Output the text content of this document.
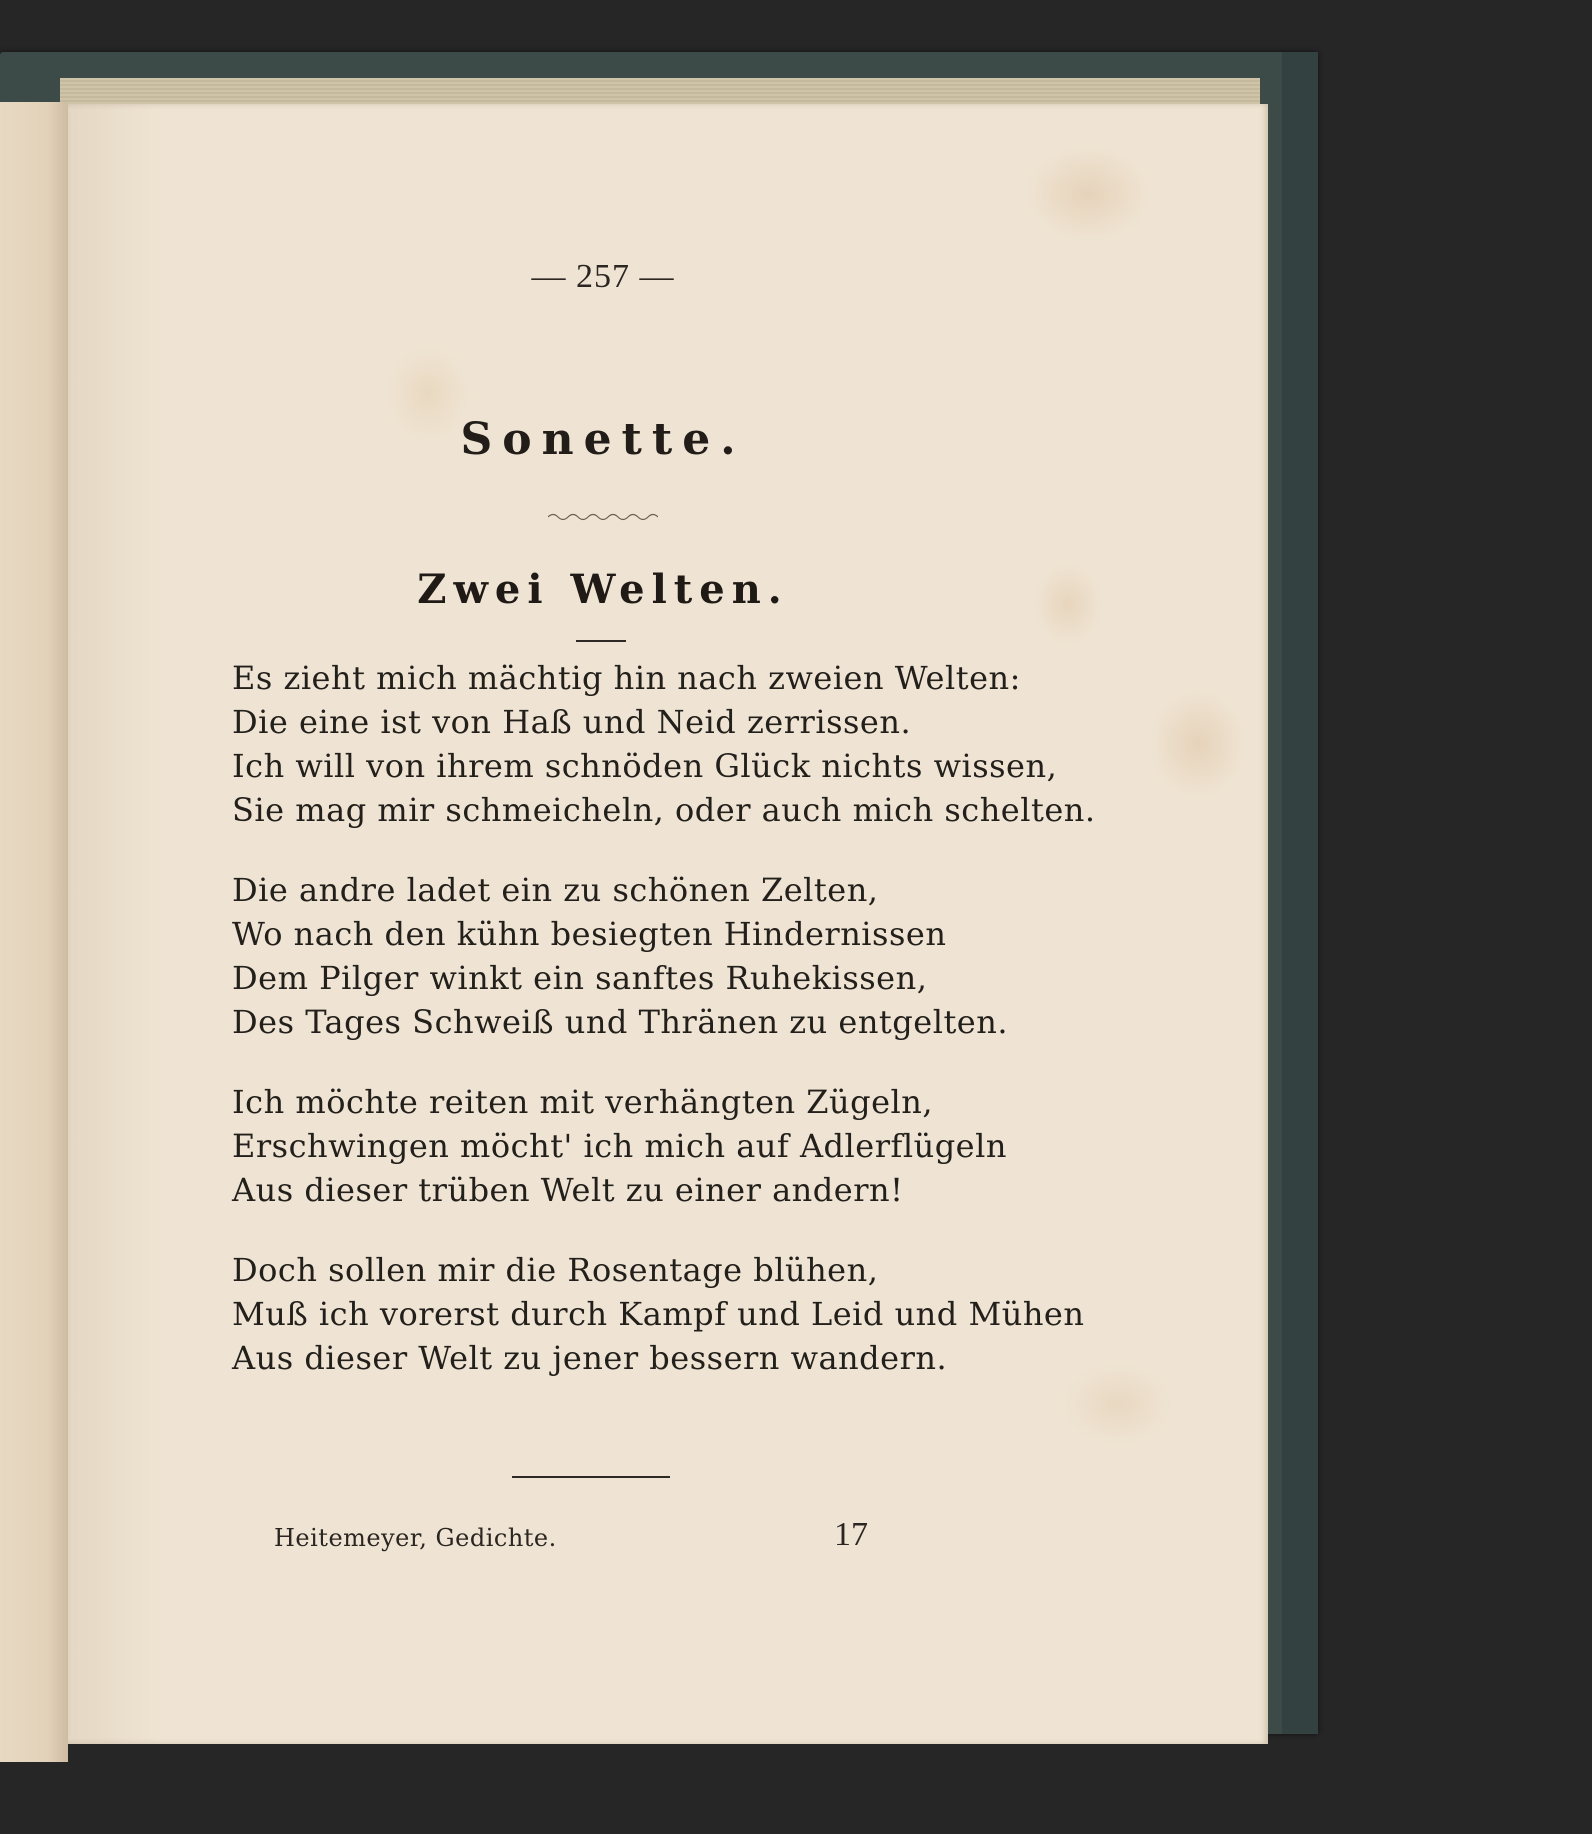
— 257 —
Sonette.
Zwei Welten.
Es zieht mich mächtig hin nach zweien Welten:
Die eine ist von Haß und Neid zerrissen.
Ich will von ihrem schnöden Glück nichts wissen,
Sie mag mir schmeicheln, oder auch mich schelten.
Die andre ladet ein zu schönen Zelten,
Wo nach den kühn besiegten Hindernissen
Dem Pilger winkt ein sanftes Ruhekissen,
Des Tages Schweiß und Thränen zu entgelten.
Ich möchte reiten mit verhängten Zügeln,
Erschwingen möcht' ich mich auf Adlerflügeln
Aus dieser trüben Welt zu einer andern!
Doch sollen mir die Rosentage blühen,
Muß ich vorerst durch Kampf und Leid und Mühen
Aus dieser Welt zu jener bessern wandern.
Heitemeyer, Gedichte.	17
